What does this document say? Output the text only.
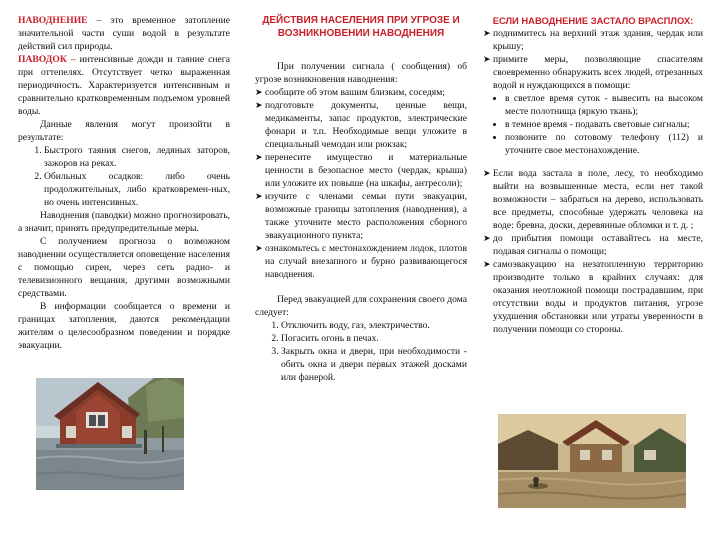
НАВОДНЕНИЕ – это временное затопление значительной части суши водой в результате действий сил природы.

ПАВОДОК – интенсивные дожди и таяние снега при оттепелях. Отсутствует четко выраженная периодичность. Характеризуется интенсивным и сравнительно кратковременным подъемом уровней воды.

Данные явления могут произойти в результате:

1. Быстрого таяния снегов, ледяных заторов, зажоров на реках.
2. Обильных осадков: либо очень продолжительных, либо кратковремен-ных, но очень интенсивных.

Наводнения (паводки) можно прогнозировать, а значит, принять предупредительные меры.

С получением прогноза о возможном наводнении осуществляется оповещение населения с помощью сирен, через сеть радио- и телевизионного вещания, другими возможными средствами.

В информации сообщается о времени и границах затопления, даются рекомендации жителям о целесообразном поведении и порядке эвакуации.

ДЕЙСТВИЯ НАСЕЛЕНИЯ ПРИ УГРОЗЕ И ВОЗНИКНОВЕНИИ НАВОДНЕНИЯ

При получении сигнала ( сообщения) об угрозе возникновения наводнения:

➤ сообщите об этом вашим близким, соседям;
➤ подготовьте документы, ценные вещи, медикаменты, запас продуктов, электрические фонари и т.п. Необходимые вещи уложите в специальный чемодан или рюкзак;
➤ перенесите имущество и материальные ценности в безопасное место (чердак, крыша) или уложите их повыше (на шкафы, антресоли);
➤ изучите с членами семьи пути эвакуации, возможные границы затопления (наводнения), а также уточните место расположения сборного эвакуационного пункта;
➤ ознакомьтесь с местонахождением лодок, плотов на случай внезапного и бурно развивающегося наводнения.

Перед эвакуацией для сохранения своего дома следует:

1. Отключить воду, газ, электричество.
2. Погасить огонь в печах.
3. Закрыть окна и двери, при необходимости - обить окна и двери первых этажей досками или фанерой.
ЕСЛИ НАВОДНЕНИЕ ЗАСТАЛО ВРАСПЛОХ:
➤ поднимитесь на верхний этаж здания, чердак или крышу;
➤ примите меры, позволяющие спасателям своевременно обнаружить всех людей, отрезанных водой и нуждающихся в помощи:
• в светлое время суток - вывесить на высоком месте полотнища (яркую ткань);
• в темное время - подавать световые сигналы;
• позвоните по сотовому телефону (112) и уточните свое местонахождение.
➤ Если вода застала в поле, лесу, то необходимо выйти на возвышенные места, если нет такой возможности – забраться на дерево, использовать все предметы, способные удержать человека на воде: бревна, доски, деревянные обломки и т. д. ;
➤ до прибытия помощи оставайтесь на месте, подавая сигналы о помощи;
➤ самоэвакуацию на незатопленную территорию производите только в крайних случаях: для оказания неотложной помощи пострадавшим, при отсутствии воды и продуктов питания, угрозе ухудшения обстановки или утраты уверенности в получении помощи со стороны.
